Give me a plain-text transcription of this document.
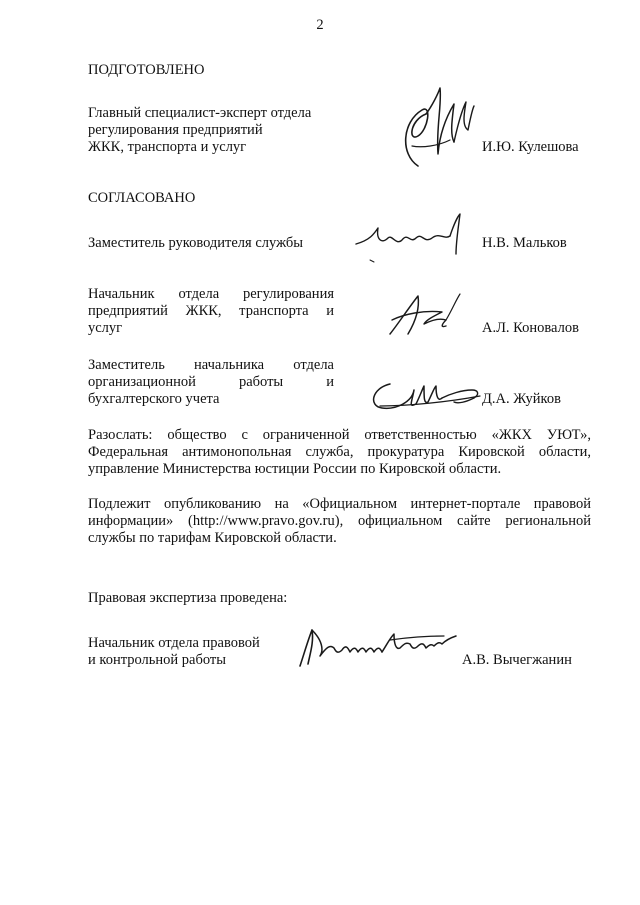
2
ПОДГОТОВЛЕНО
Главный специалист-эксперт отдела
регулирования предприятий
ЖКК, транспорта и услуг	И.Ю. Кулешова
СОГЛАСОВАНО
Заместитель руководителя службы	Н.В. Мальков
Начальник отдела регулирования
предприятий ЖКК, транспорта и
услуг	А.Л. Коновалов
Заместитель начальника отдела
организационной работы и
бухгалтерского учета	Д.А. Жуйков
Разослать: общество с ограниченной ответственностью «ЖКХ УЮТ», Федеральная антимонопольная служба, прокуратура Кировской области, управление Министерства юстиции России по Кировской области.
Подлежит опубликованию на «Официальном интернет-портале правовой информации» (http://www.pravo.gov.ru), официальном сайте региональной службы по тарифам Кировской области.
Правовая экспертиза проведена:
Начальник отдела правовой
и контрольной работы	А.В. Вычегжанин
